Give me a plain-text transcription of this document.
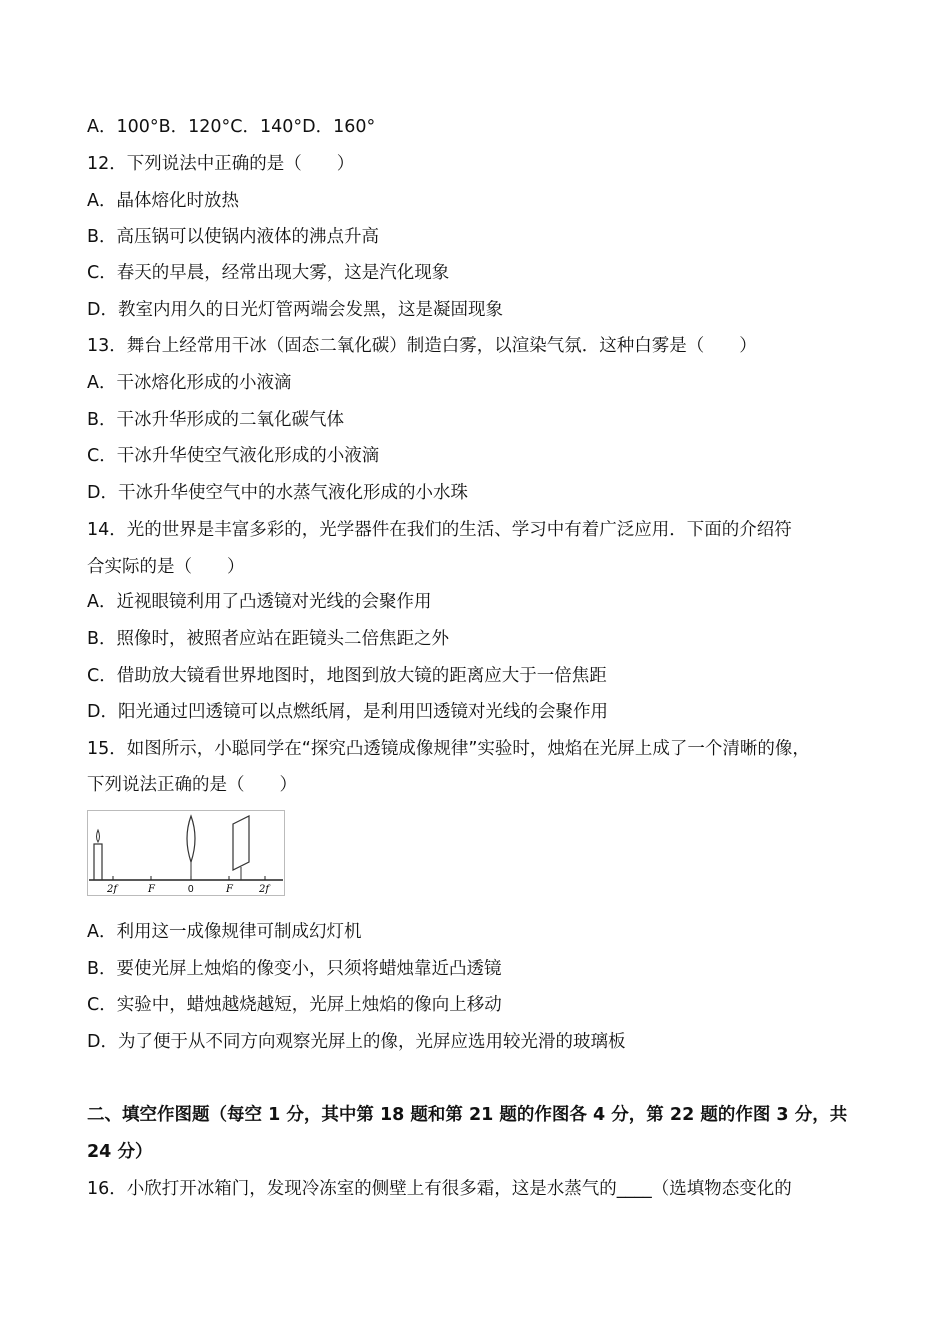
A．100°B．120°C．140°D．160°
12．下列说法中正确的是（　　）
A．晶体熔化时放热
B．高压锅可以使锅内液体的沸点升高
C．春天的早晨，经常出现大雾，这是汽化现象
D．教室内用久的日光灯管两端会发黑，这是凝固现象
13．舞台上经常用干冰（固态二氧化碳）制造白雾，以渲染气氛．这种白雾是（　　）
A．干冰熔化形成的小液滴
B．干冰升华形成的二氧化碳气体
C．干冰升华使空气液化形成的小液滴
D．干冰升华使空气中的水蒸气液化形成的小水珠
14．光的世界是丰富多彩的，光学器件在我们的生活、学习中有着广泛应用．下面的介绍符
合实际的是（　　）
A．近视眼镜利用了凸透镜对光线的会聚作用
B．照像时，被照者应站在距镜头二倍焦距之外
C．借助放大镜看世界地图时，地图到放大镜的距离应大于一倍焦距
D．阳光通过凹透镜可以点燃纸屑，是利用凹透镜对光线的会聚作用
15．如图所示，小聪同学在“探究凸透镜成像规律”实验时，烛焰在光屏上成了一个清晰的像，
下列说法正确的是（　　）
2f	F	0	F	2f
A．利用这一成像规律可制成幻灯机
B．要使光屏上烛焰的像变小，只须将蜡烛靠近凸透镜
C．实验中，蜡烛越烧越短，光屏上烛焰的像向上移动
D．为了便于从不同方向观察光屏上的像，光屏应选用较光滑的玻璃板
二、填空作图题（每空 1 分，其中第 18 题和第 21 题的作图各 4 分，第 22 题的作图 3 分，共
24 分）
16．小欣打开冰箱门，发现冷冻室的侧壁上有很多霜，这是水蒸气的____（选填物态变化的
